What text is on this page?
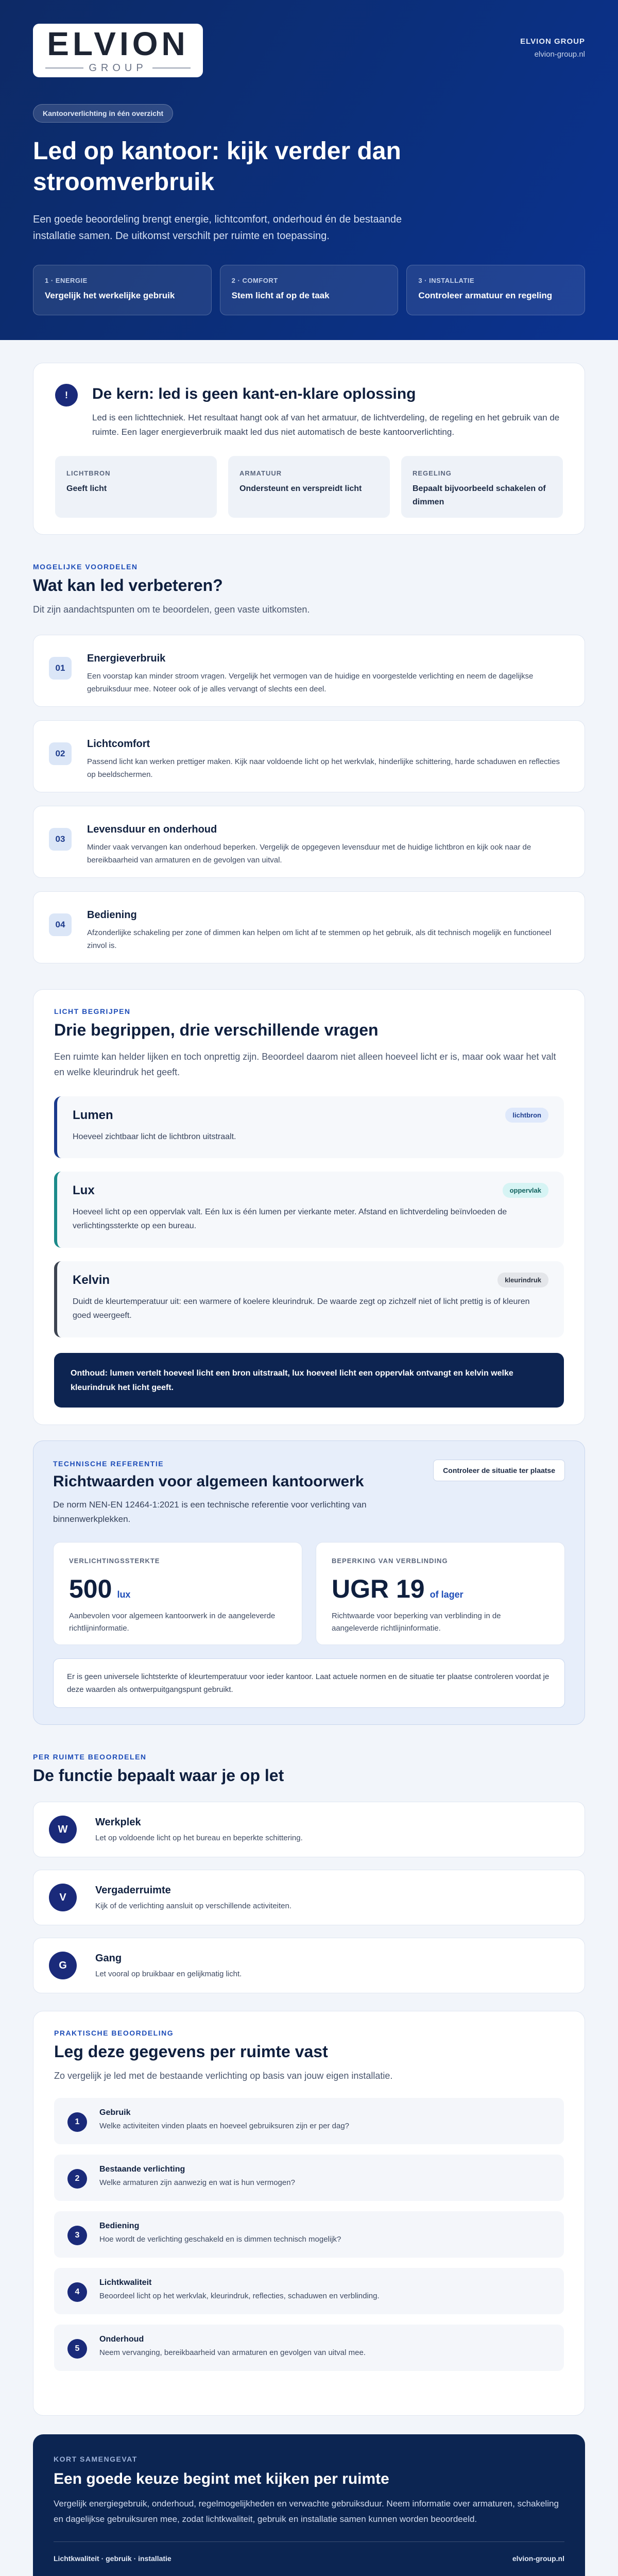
ELVION
GROUP
ELVION GROUP
elvion-group.nl
Kantoorverlichting in één overzicht
Led op kantoor: kijk verder dan stroomverbruik

Een goede beoordeling brengt energie, lichtcomfort, onderhoud én de bestaande installatie samen. De uitkomst verschilt per ruimte en toepassing.

1 · ENERGIE
Vergelijk het werkelijke gebruik
2 · COMFORT
Stem licht af op de taak
3 · INSTALLATIE
Controleer armatuur en regeling
!	De kern: led is geen kant-en-klare oplossing

Led is een lichttechniek. Het resultaat hangt ook af van het armatuur, de lichtverdeling, de regeling en het gebruik van de ruimte. Een lager energieverbruik maakt led dus niet automatisch de beste kantoorverlichting.

LICHTBRON
Geeft licht
ARMATUUR
Ondersteunt en verspreidt licht
REGELING
Bepaalt bijvoorbeeld schakelen of dimmen
MOGELIJKE VOORDELEN
Wat kan led verbeteren?

Dit zijn aandachtspunten om te beoordelen, geen vaste uitkomsten.

01
Energieverbruik

Een voorstap kan minder stroom vragen. Vergelijk het vermogen van de huidige en voorgestelde verlichting en neem de dagelijkse gebruiksduur mee. Noteer ook of je alles vervangt of slechts een deel.

02
Lichtcomfort

Passend licht kan werken prettiger maken. Kijk naar voldoende licht op het werkvlak, hinderlijke schittering, harde schaduwen en reflecties op beeldschermen.

03
Levensduur en onderhoud

Minder vaak vervangen kan onderhoud beperken. Vergelijk de opgegeven levensduur met de huidige lichtbron en kijk ook naar de bereikbaarheid van armaturen en de gevolgen van uitval.

04
Bediening

Afzonderlijke schakeling per zone of dimmen kan helpen om licht af te stemmen op het gebruik, als dit technisch mogelijk en functioneel zinvol is.

LICHT BEGRIJPEN
Drie begrippen, drie verschillende vragen

Een ruimte kan helder lijken en toch onprettig zijn. Beoordeel daarom niet alleen hoeveel licht er is, maar ook waar het valt en welke kleurindruk het geeft.

Lumen	lichtbron

Hoeveel zichtbaar licht de lichtbron uitstraalt.

Lux	oppervlak

Hoeveel licht op een oppervlak valt. Eén lux is één lumen per vierkante meter. Afstand en lichtverdeling beïnvloeden de verlichtingssterkte op een bureau.

Kelvin	kleurindruk

Duidt de kleurtemperatuur uit: een warmere of koelere kleurindruk. De waarde zegt op zichzelf niet of licht prettig is of kleuren goed weergeeft.

Onthoud: lumen vertelt hoeveel licht een bron uitstraalt, lux hoeveel licht een oppervlak ontvangt en kelvin welke kleurindruk het licht geeft.
TECHNISCHE REFERENTIE
Richtwaarden voor algemeen kantoorwerk
Controleer de situatie ter plaatse

De norm NEN-EN 12464-1:2021 is een technische referentie voor verlichting van binnenwerkplekken.

VERLICHTINGSSTERKTE
500 lux

Aanbevolen voor algemeen kantoorwerk in de aangeleverde richtlijninformatie.

BEPERKING VAN VERBLINDING
UGR 19 of lager

Richtwaarde voor beperking van verblinding in de aangeleverde richtlijninformatie.

Er is geen universele lichtsterkte of kleurtemperatuur voor ieder kantoor. Laat actuele normen en de situatie ter plaatse controleren voordat je deze waarden als ontwerpuitgangspunt gebruikt.
PER RUIMTE BEOORDELEN
De functie bepaalt waar je op let
W
Werkplek

Let op voldoende licht op het bureau en beperkte schittering.

V
Vergaderruimte

Kijk of de verlichting aansluit op verschillende activiteiten.

G
Gang

Let vooral op bruikbaar en gelijkmatig licht.

PRAKTISCHE BEOORDELING
Leg deze gegevens per ruimte vast

Zo vergelijk je led met de bestaande verlichting op basis van jouw eigen installatie.

1
Gebruik

Welke activiteiten vinden plaats en hoeveel gebruiksuren zijn er per dag?

2
Bestaande verlichting

Welke armaturen zijn aanwezig en wat is hun vermogen?

3
Bediening

Hoe wordt de verlichting geschakeld en is dimmen technisch mogelijk?

4
Lichtkwaliteit

Beoordeel licht op het werkvlak, kleurindruk, reflecties, schaduwen en verblinding.

5
Onderhoud

Neem vervanging, bereikbaarheid van armaturen en gevolgen van uitval mee.

KORT SAMENGEVAT
Een goede keuze begint met kijken per ruimte

Vergelijk energiegebruik, onderhoud, regelmogelijkheden en verwachte gebruiksduur. Neem informatie over armaturen, schakeling en dagelijkse gebruiksuren mee, zodat lichtkwaliteit, gebruik en installatie samen kunnen worden beoordeeld.

Lichtkwaliteit · gebruik · installatie	elvion-group.nl
